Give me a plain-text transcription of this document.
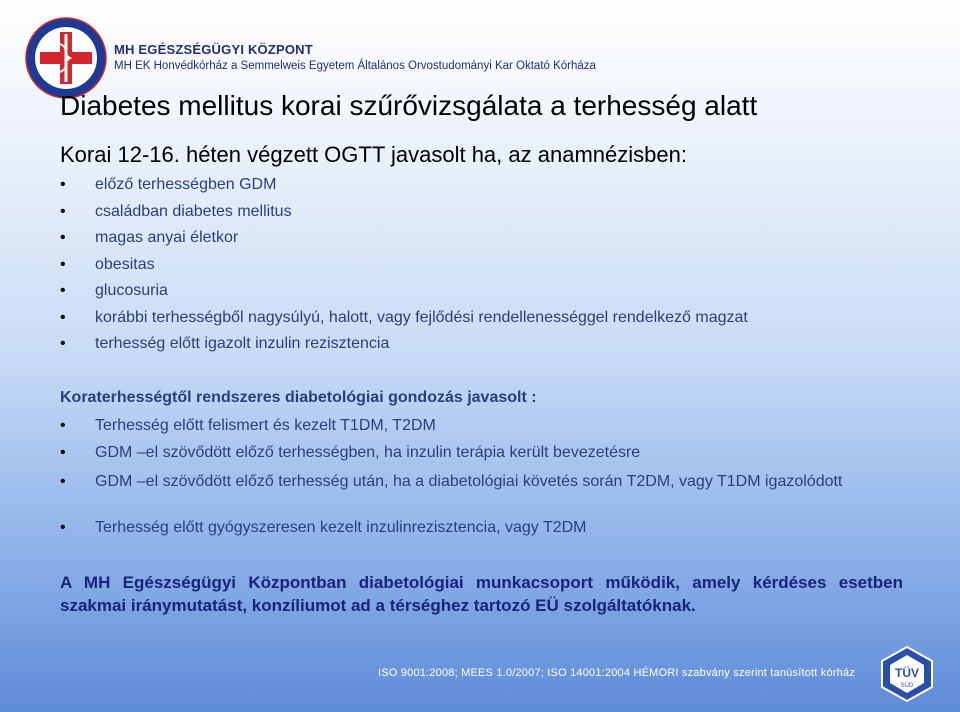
MH EGÉSZSÉGÜGYI KÖZPONT
MH EK Honvédkórház a Semmelweis Egyetem Általános Orvostudományi Kar Oktató Kórháza
Diabetes mellitus korai szűrővizsgálata a terhesség alatt
Korai 12-16. héten végzett OGTT javasolt ha, az anamnézisben:
• előző terhességben GDM
• családban diabetes mellitus
• magas anyai életkor
• obesitas
• glucosuria
• korábbi terhességből nagysúlyú, halott, vagy fejlődési rendellenességgel rendelkező magzat
• terhesség előtt igazolt inzulin rezisztencia
Koraterhességtől rendszeres diabetológiai gondozás javasolt :
• Terhesség előtt felismert és kezelt T1DM, T2DM
• GDM –el szövődött előző terhességben, ha inzulin terápia került bevezetésre
• GDM –el szövődött előző terhesség után, ha a diabetológiai követés során T2DM, vagy T1DM igazolódott
• Terhesség előtt gyógyszeresen kezelt inzulinrezisztencia, vagy T2DM
A MH Egészségügyi Központban diabetológiai munkacsoport működik, amely kérdéses esetben szakmai iránymutatást, konzíliumot ad a térséghez tartozó EÜ szolgáltatóknak.
ISO 9001:2008; MEES 1.0/2007; ISO 14001:2004 HÉMORI szabvány szerint tanúsított kórház	TÜV
SÜD
